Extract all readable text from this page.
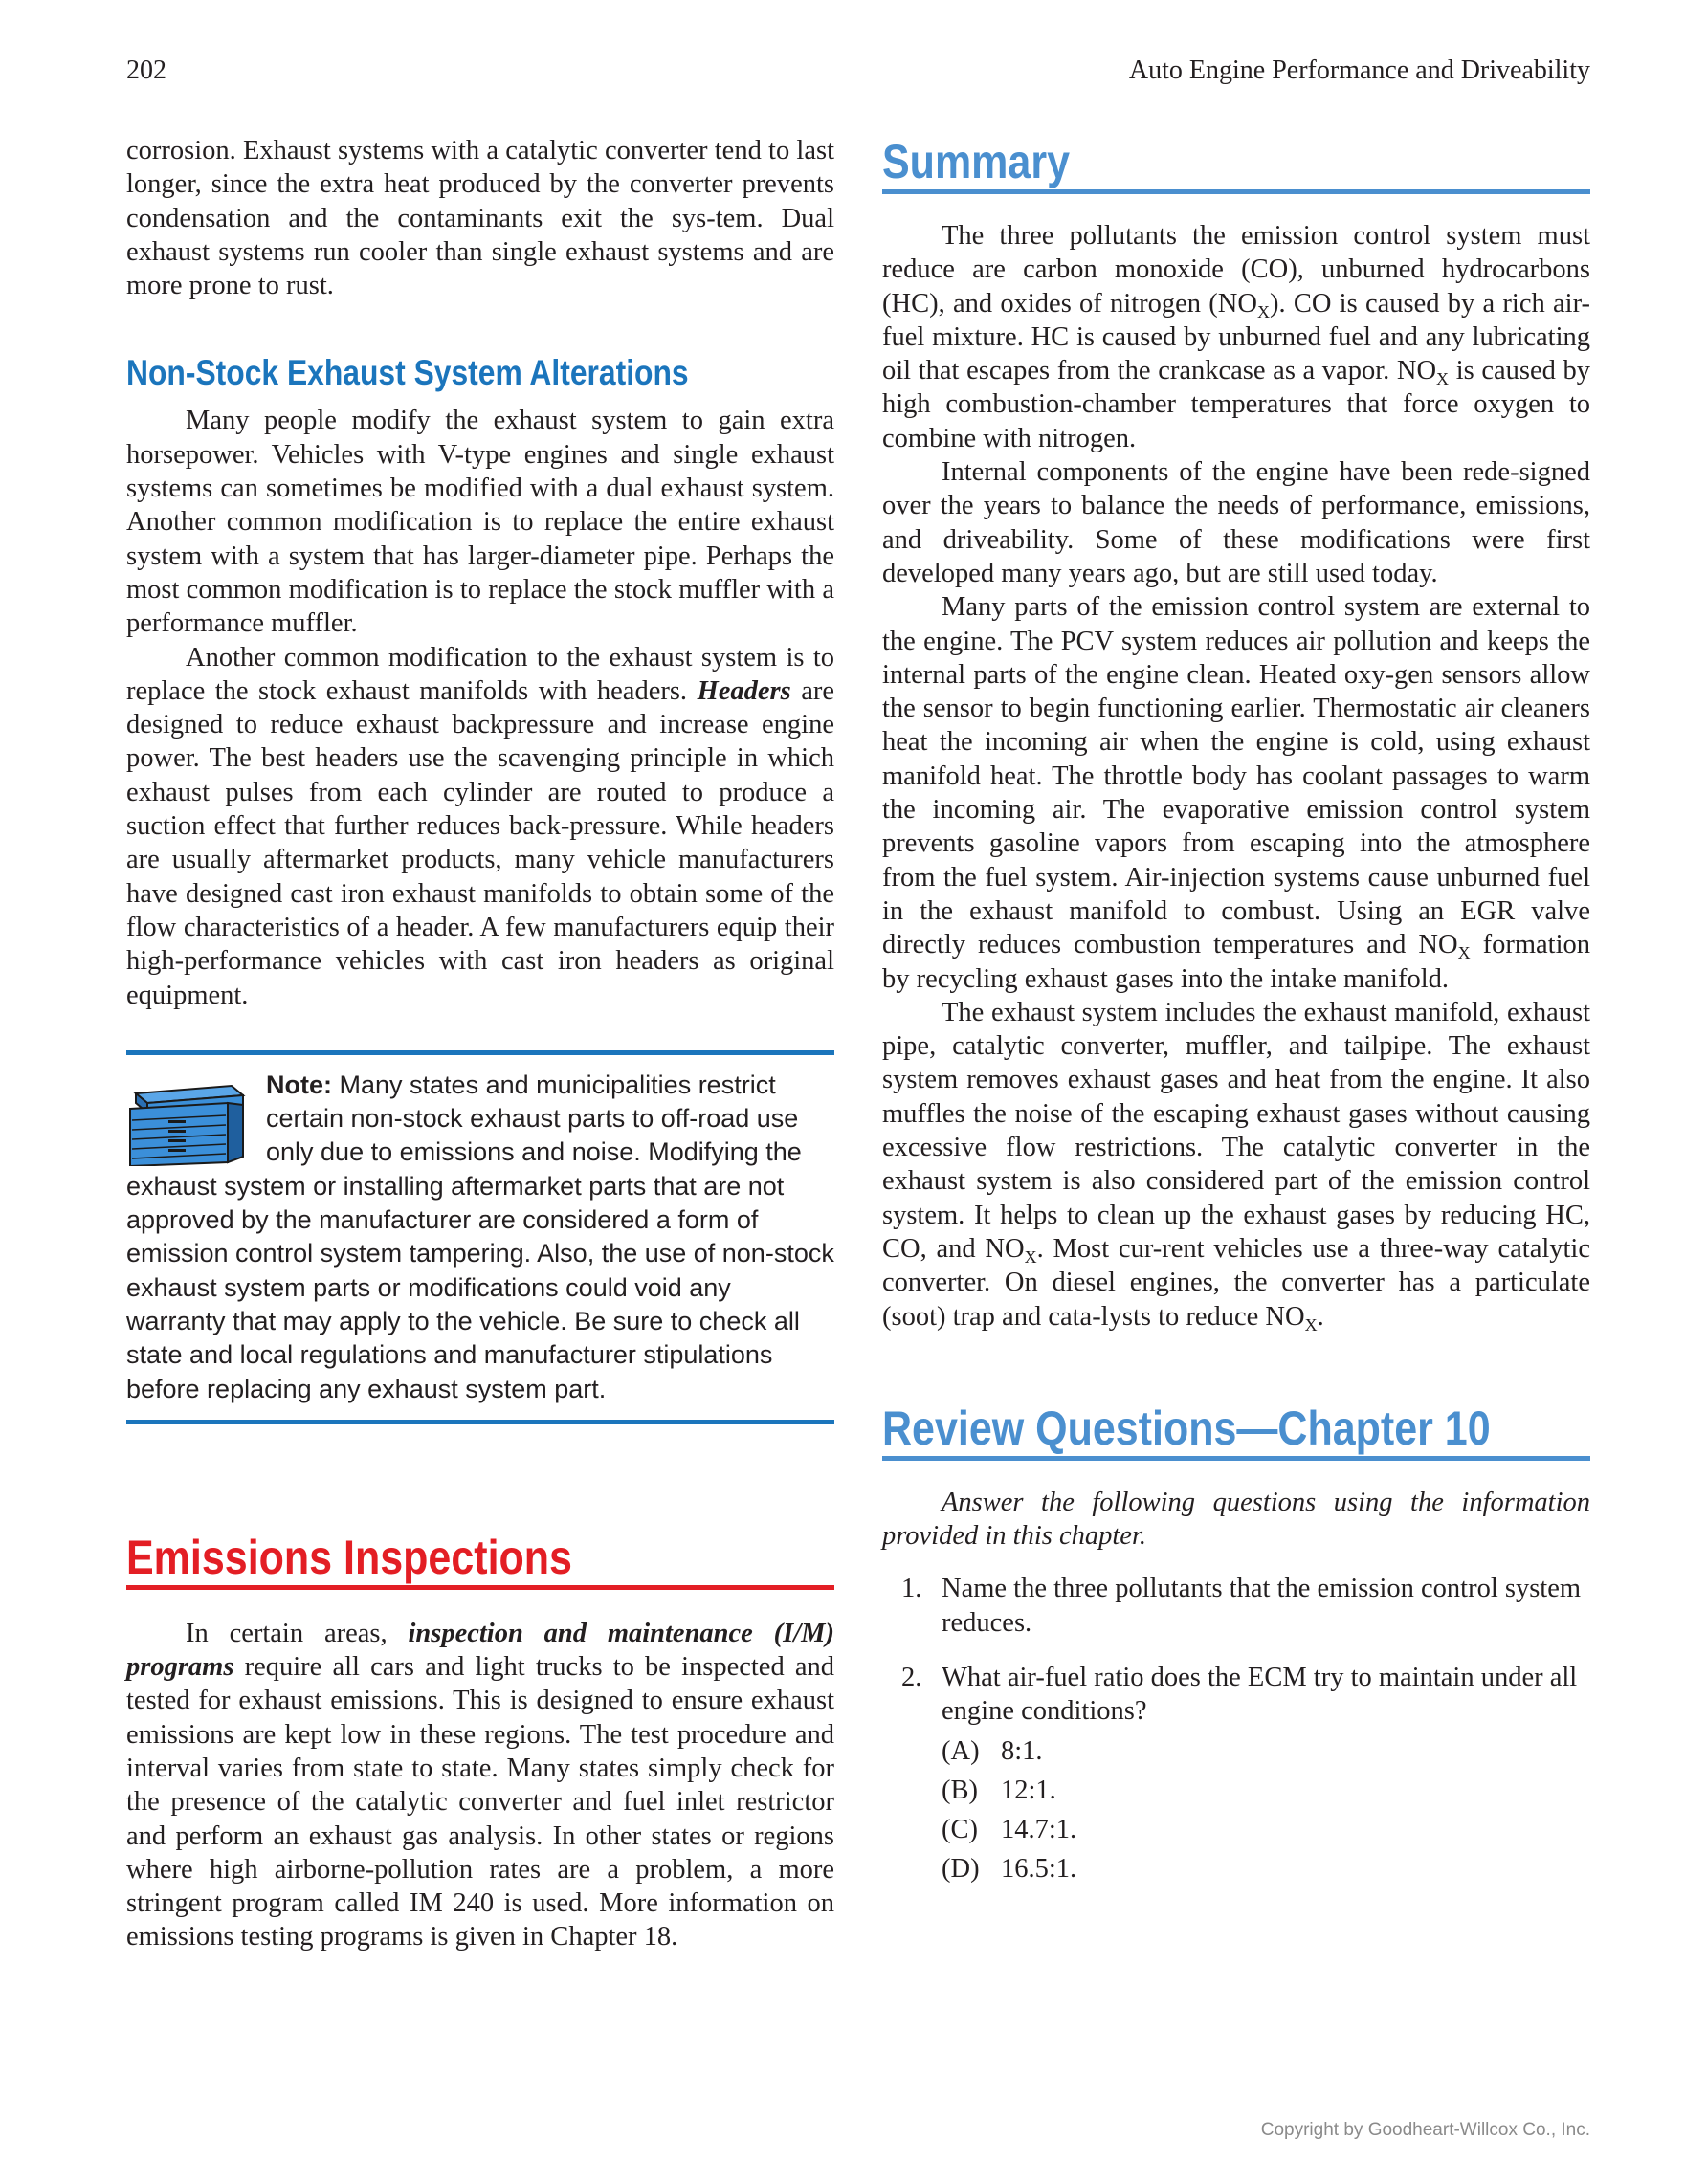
202	Auto Engine Performance and Driveability

corrosion. Exhaust systems with a catalytic converter tend to last longer, since the extra heat produced by the converter prevents condensation and the contaminants exit the sys-tem. Dual exhaust systems run cooler than single exhaust systems and are more prone to rust.

Non-Stock Exhaust System Alterations

Many people modify the exhaust system to gain extra horsepower. Vehicles with V-type engines and single exhaust systems can sometimes be modified with a dual exhaust system. Another common modification is to replace the entire exhaust system with a system that has larger-diameter pipe. Perhaps the most common modification is to replace the stock muffler with a performance muffler.

Another common modification to the exhaust system is to replace the stock exhaust manifolds with headers. Headers are designed to reduce exhaust backpressure and increase engine power. The best headers use the scavenging principle in which exhaust pulses from each cylinder are routed to produce a suction effect that further reduces back-pressure. While headers are usually aftermarket products, many vehicle manufacturers have designed cast iron exhaust manifolds to obtain some of the flow characteristics of a header. A few manufacturers equip their high-performance vehicles with cast iron headers as original equipment.

Note: Many states and municipalities restrict certain non-stock exhaust parts to off-road use only due to emissions and noise. Modifying the exhaust system or installing aftermarket parts that are not approved by the manufacturer are considered a form of emission control system tampering. Also, the use of non-stock exhaust system parts or modifications could void any warranty that may apply to the vehicle. Be sure to check all state and local regulations and manufacturer stipulations before replacing any exhaust system part.

Emissions Inspections

In certain areas, inspection and maintenance (I/M) programs require all cars and light trucks to be inspected and tested for exhaust emissions. This is designed to ensure exhaust emissions are kept low in these regions. The test procedure and interval varies from state to state. Many states simply check for the presence of the catalytic converter and fuel inlet restrictor and perform an exhaust gas analysis. In other states or regions where high airborne-pollution rates are a problem, a more stringent program called IM 240 is used. More information on emissions testing programs is given in Chapter 18.

Summary

The three pollutants the emission control system must reduce are carbon monoxide (CO), unburned hydrocarbons (HC), and oxides of nitrogen $(NO_X)$. CO is caused by a rich air-fuel mixture. HC is caused by unburned fuel and any lubricating oil that escapes from the crankcase as a vapor. $NO_X$ is caused by high combustion-chamber temperatures that force oxygen to combine with nitrogen.

Internal components of the engine have been rede-signed over the years to balance the needs of performance, emissions, and driveability. Some of these modifications were first developed many years ago, but are still used today.

Many parts of the emission control system are external to the engine. The PCV system reduces air pollution and keeps the internal parts of the engine clean. Heated oxy-gen sensors allow the sensor to begin functioning earlier. Thermostatic air cleaners heat the incoming air when the engine is cold, using exhaust manifold heat. The throttle body has coolant passages to warm the incoming air. The evaporative emission control system prevents gasoline vapors from escaping into the atmosphere from the fuel system. Air-injection systems cause unburned fuel in the exhaust manifold to combust. Using an EGR valve directly reduces combustion temperatures and $NO_X$ formation by recycling exhaust gases into the intake manifold.

The exhaust system includes the exhaust manifold, exhaust pipe, catalytic converter, muffler, and tailpipe. The exhaust system removes exhaust gases and heat from the engine. It also muffles the noise of the escaping exhaust gases without causing excessive flow restrictions. The catalytic converter in the exhaust system is also considered part of the emission control system. It helps to clean up the exhaust gases by reducing HC, CO, and $NO_X$. Most cur-rent vehicles use a three-way catalytic converter. On diesel engines, the converter has a particulate (soot) trap and cata-lysts to reduce $NO_X$.

Review Questions—Chapter 10

Answer the following questions using the information provided in this chapter.

1. Name the three pollutants that the emission control system reduces.
2. What air-fuel ratio does the ECM try to maintain under all engine conditions?
(A) 8:1.
(B) 12:1.
(C) 14.7:1.
(D) 16.5:1.
Copyright by Goodheart-Willcox Co., Inc.
